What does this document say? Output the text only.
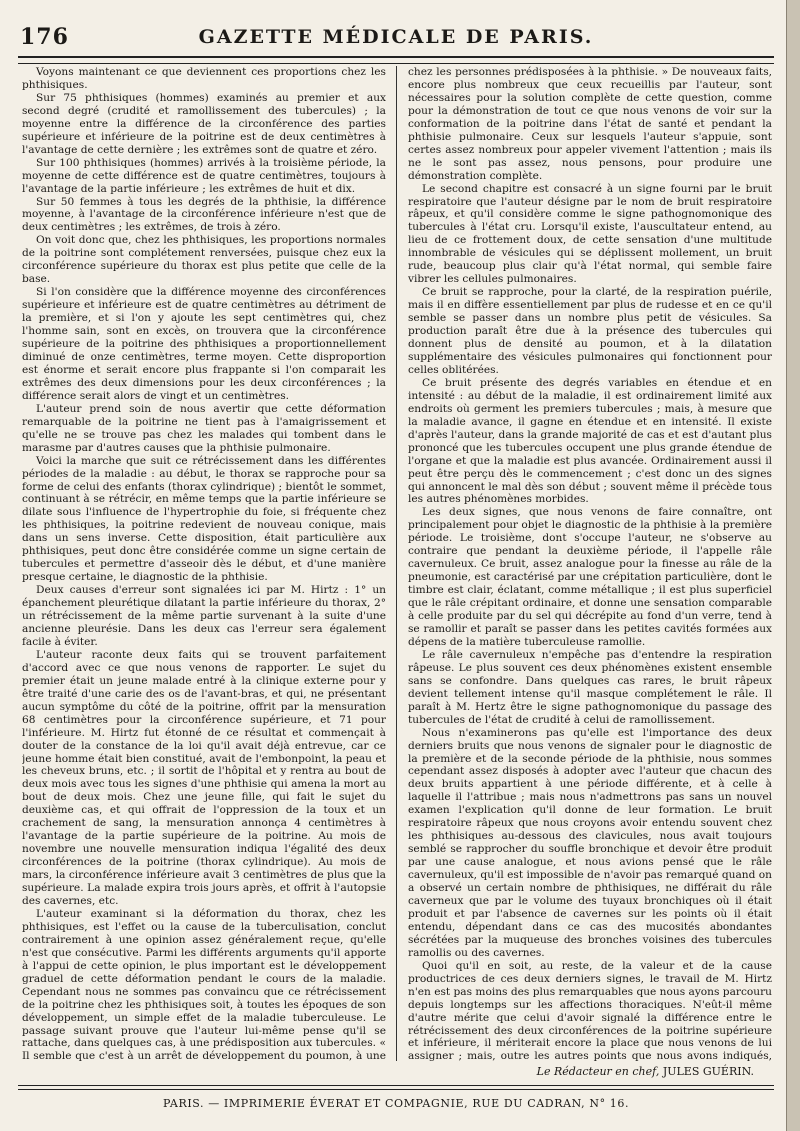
176	GAZETTE MÉDICALE DE PARIS.

Voyons maintenant ce que deviennent ces proportions chez les phthisiques.

Sur 75 phthisiques (hommes) examinés au premier et aux second degré (crudité et ramollissement des tubercules) ; la moyenne entre la différence de la circonférence des parties supérieure et inférieure de la poitrine est de deux centimètres à l'avantage de cette dernière ; les extrêmes sont de quatre et zéro.

Sur 100 phthisiques (hommes) arrivés à la troisième période, la moyenne de cette différence est de quatre centimètres, toujours à l'avantage de la partie inférieure ; les extrêmes de huit et dix.

Sur 50 femmes à tous les degrés de la phthisie, la différence moyenne, à l'avantage de la circonférence inférieure n'est que de deux centimètres ; les extrêmes, de trois à zéro.

On voit donc que, chez les phthisiques, les proportions normales de la poitrine sont complétement renversées, puisque chez eux la circonférence supérieure du thorax est plus petite que celle de la base.

Si l'on considère que la différence moyenne des circonférences supérieure et inférieure est de quatre centimètres au détriment de la première, et si l'on y ajoute les sept centimètres qui, chez l'homme sain, sont en excès, on trouvera que la circonférence supérieure de la poitrine des phthisiques a proportionnellement diminué de onze centimètres, terme moyen. Cette disproportion est énorme et serait encore plus frappante si l'on comparait les extrêmes des deux dimensions pour les deux circonférences ; la différence serait alors de vingt et un centimètres.

L'auteur prend soin de nous avertir que cette déformation remarquable de la poitrine ne tient pas à l'amaigrissement et qu'elle ne se trouve pas chez les malades qui tombent dans le marasme par d'autres causes que la phthisie pulmonaire.

Voici la marche que suit ce rétrécissement dans les différentes périodes de la maladie : au début, le thorax se rapproche pour sa forme de celui des enfants (thorax cylindrique) ; bientôt le sommet, continuant à se rétrécir, en même temps que la partie inférieure se dilate sous l'influence de l'hypertrophie du foie, si fréquente chez les phthisiques, la poitrine redevient de nouveau conique, mais dans un sens inverse. Cette disposition, était particulière aux phthisiques, peut donc être considérée comme un signe certain de tubercules et permettre d'asseoir dès le début, et d'une manière presque certaine, le diagnostic de la phthisie.

Deux causes d'erreur sont signalées ici par M. Hirtz : 1° un épanchement pleurétique dilatant la partie inférieure du thorax, 2° un rétrécissement de la même partie survenant à la suite d'une ancienne pleurésie. Dans les deux cas l'erreur sera également facile à éviter.

L'auteur raconte deux faits qui se trouvent parfaitement d'accord avec ce que nous venons de rapporter. Le sujet du premier était un jeune malade entré à la clinique externe pour y être traité d'une carie des os de l'avant-bras, et qui, ne présentant aucun symptôme du côté de la poitrine, offrit par la mensuration 68 centimètres pour la circonférence supérieure, et 71 pour l'inférieure. M. Hirtz fut étonné de ce résultat et commençait à douter de la constance de la loi qu'il avait déjà entrevue, car ce jeune homme était bien constitué, avait de l'embonpoint, la peau et les cheveux bruns, etc. ; il sortit de l'hôpital et y rentra au bout de deux mois avec tous les signes d'une phthisie qui amena la mort au bout de deux mois. Chez une jeune fille, qui fait le sujet du deuxième cas, et qui offrait de l'oppression de la toux et un crachement de sang, la mensuration annonça 4 centimètres à l'avantage de la partie supérieure de la poitrine. Au mois de novembre une nouvelle mensuration indiqua l'égalité des deux circonférences de la poitrine (thorax cylindrique). Au mois de mars, la circonférence inférieure avait 3 centimètres de plus que la supérieure. La malade expira trois jours après, et offrit à l'autopsie des cavernes, etc.

L'auteur examinant si la déformation du thorax, chez les phthisiques, est l'effet ou la cause de la tuberculisation, conclut contrairement à une opinion assez généralement reçue, qu'elle n'est que consécutive. Parmi les différents arguments qu'il apporte à l'appui de cette opinion, le plus important est le développement graduel de cette déformation pendant le cours de la maladie. Cependant nous ne sommes pas convaincu que ce rétrécissement de la poitrine chez les phthisiques soit, à toutes les époques de son développement, un simple effet de la maladie tuberculeuse. Le passage suivant prouve que l'auteur lui-même pense qu'il se rattache, dans quelques cas, à une prédisposition aux tubercules. « Il semble que c'est à un arrêt de développement du poumon, à une

chez les personnes prédisposées à la phthisie. » De nouveaux faits, encore plus nombreux que ceux recueillis par l'auteur, sont nécessaires pour la solution complète de cette question, comme pour la démonstration de tout ce que nous venons de voir sur la conformation de la poitrine dans l'état de santé et pendant la phthisie pulmonaire. Ceux sur lesquels l'auteur s'appuie, sont certes assez nombreux pour appeler vivement l'attention ; mais ils ne le sont pas assez, nous pensons, pour produire une démonstration complète.

Le second chapitre est consacré à un signe fourni par le bruit respiratoire que l'auteur désigne par le nom de bruit respiratoire râpeux, et qu'il considère comme le signe pathognomonique des tubercules à l'état cru. Lorsqu'il existe, l'auscultateur entend, au lieu de ce frottement doux, de cette sensation d'une multitude innombrable de vésicules qui se déplissent mollement, un bruit rude, beaucoup plus clair qu'à l'état normal, qui semble faire vibrer les cellules pulmonaires.

Ce bruit se rapproche, pour la clarté, de la respiration puérile, mais il en diffère essentiellement par plus de rudesse et en ce qu'il semble se passer dans un nombre plus petit de vésicules. Sa production paraît être due à la présence des tubercules qui donnent plus de densité au poumon, et à la dilatation supplémentaire des vésicules pulmonaires qui fonctionnent pour celles oblitérées.

Ce bruit présente des degrés variables en étendue et en intensité : au début de la maladie, il est ordinairement limité aux endroits où germent les premiers tubercules ; mais, à mesure que la maladie avance, il gagne en étendue et en intensité. Il existe d'après l'auteur, dans la grande majorité de cas et est d'autant plus prononcé que les tubercules occupent une plus grande étendue de l'organe et que la maladie est plus avancée. Ordinairement aussi il peut être perçu dès le commencement ; c'est donc un des signes qui annoncent le mal dès son début ; souvent même il précède tous les autres phénomènes morbides.

Les deux signes, que nous venons de faire connaître, ont principalement pour objet le diagnostic de la phthisie à la première période. Le troisième, dont s'occupe l'auteur, ne s'observe au contraire que pendant la deuxième période, il l'appelle râle cavernuleux. Ce bruit, assez analogue pour la finesse au râle de la pneumonie, est caractérisé par une crépitation particulière, dont le timbre est clair, éclatant, comme métallique ; il est plus superficiel que le râle crépitant ordinaire, et donne une sensation comparable à celle produite par du sel qui décrépite au fond d'un verre, tend à se ramollir et paraît se passer dans les petites cavités formées aux dépens de la matière tuberculeuse ramollie.

Le râle cavernuleux n'empêche pas d'entendre la respiration râpeuse. Le plus souvent ces deux phénomènes existent ensemble sans se confondre. Dans quelques cas rares, le bruit râpeux devient tellement intense qu'il masque complétement le râle. Il paraît à M. Hertz être le signe pathognomonique du passage des tubercules de l'état de crudité à celui de ramollissement.

Nous n'examinerons pas qu'elle est l'importance des deux derniers bruits que nous venons de signaler pour le diagnostic de la première et de la seconde période de la phthisie, nous sommes cependant assez disposés à adopter avec l'auteur que chacun des deux bruits appartient à une période différente, et à celle à laquelle il l'attribue ; mais nous n'admettrons pas sans un nouvel examen l'explication qu'il donne de leur formation. Le bruit respiratoire râpeux que nous croyons avoir entendu souvent chez les phthisiques au-dessous des clavicules, nous avait toujours semblé se rapprocher du souffle bronchique et devoir être produit par une cause analogue, et nous avions pensé que le râle cavernuleux, qu'il est impossible de n'avoir pas remarqué quand on a observé un certain nombre de phthisiques, ne différait du râle caverneux que par le volume des tuyaux bronchiques où il était produit et par l'absence de cavernes sur les points où il était entendu, dépendant dans ce cas des mucosités abondantes sécrétées par la muqueuse des bronches voisines des tubercules ramollis ou des cavernes.

Quoi qu'il en soit, au reste, de la valeur et de la cause productrices de ces deux derniers signes, le travail de M. Hirtz n'en est pas moins des plus remarquables que nous ayons parcouru depuis longtemps sur les affections thoraciques. N'eût-il même d'autre mérite que celui d'avoir signalé la différence entre le rétrécissement des deux circonférences de la poitrine supérieure et inférieure, il mériterait encore la place que nous venons de lui assigner ; mais, outre les autres points que nous avons indiqués,

Le Rédacteur en chef, JULES GUÉRIN.
PARIS. — IMPRIMERIE ÉVERAT ET COMPAGNIE, RUE DU CADRAN, N° 16.
